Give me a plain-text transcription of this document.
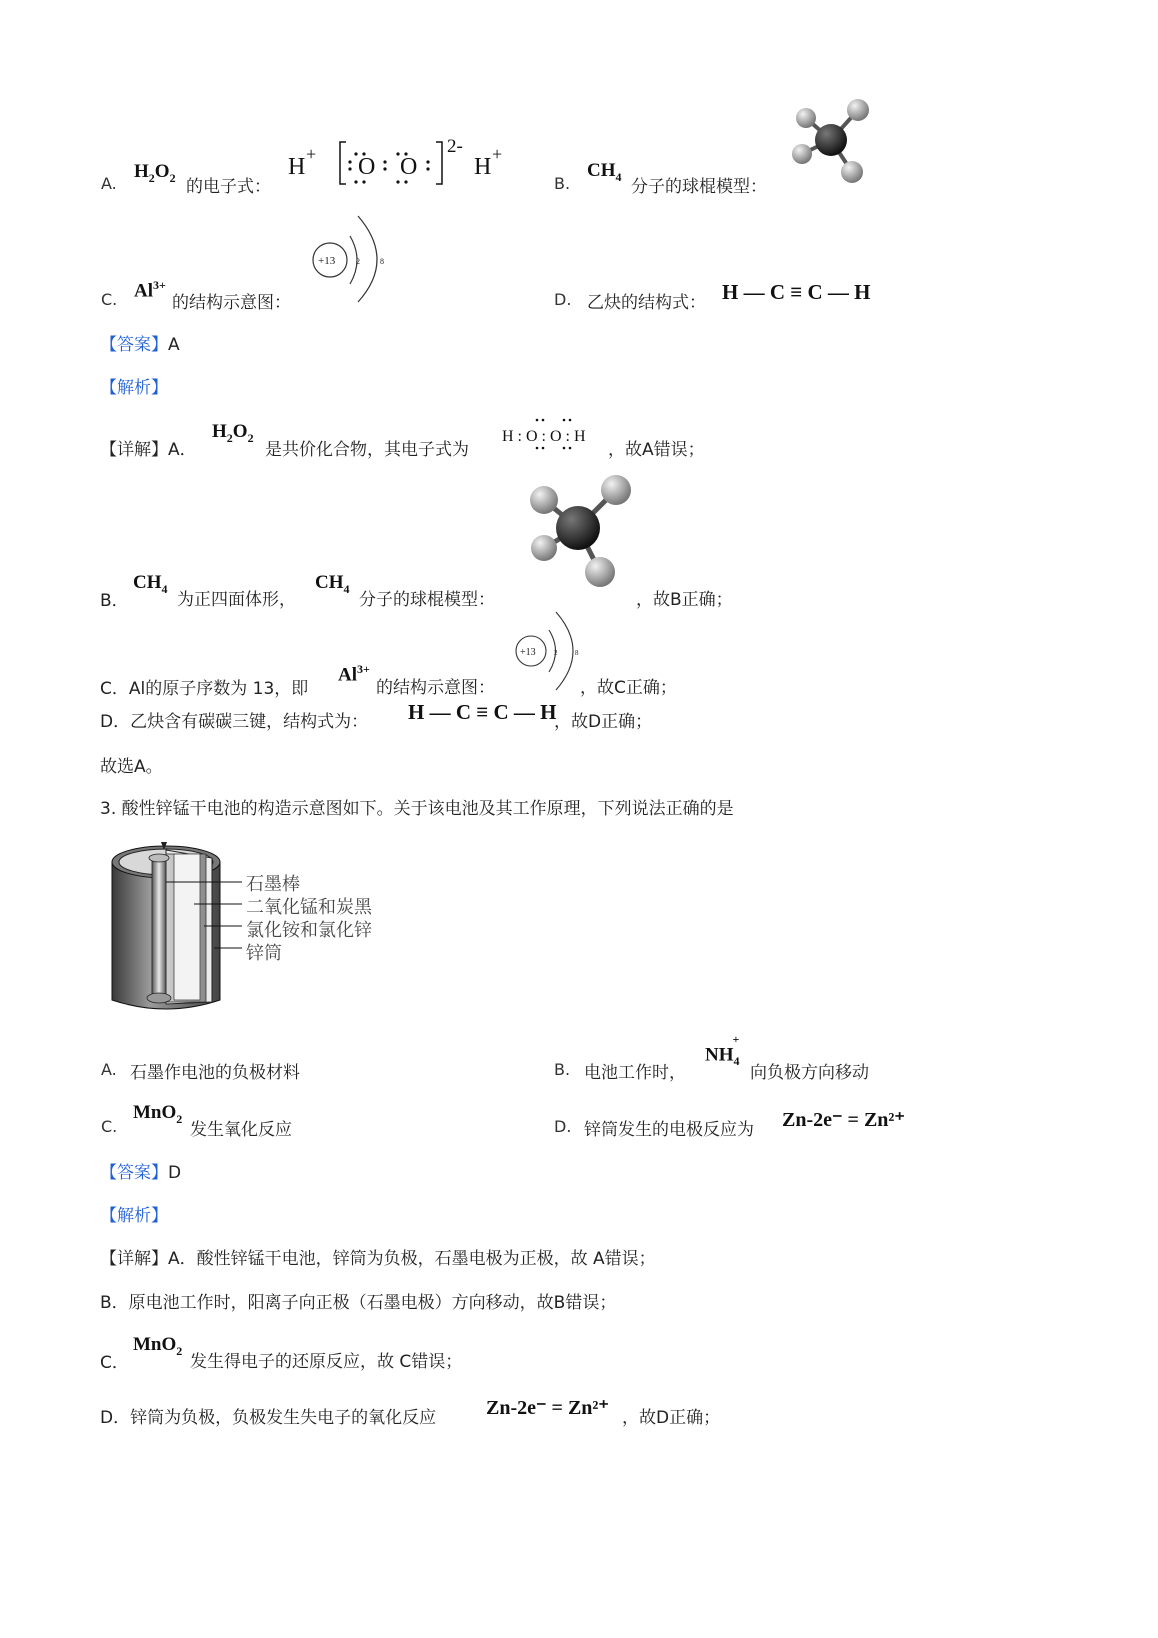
A.
$H_2O_2$ 的电子式：
H + O O
2-
H +
B.
$CH_4$
分子的球棍模型：
C. $Al^{3+}$
的结构示意图：
+13	2	8
D. 乙炔的结构式： H — C ≡ C — H
【答案】A
【解析】
【详解】A．
$H_2O_2$
是共价化合物，其电子式为
H : O : O : H
，故A错误；
B．
$CH_4$
为正四面体形，
$CH_4$
分子的球棍模型：	，故B正确；
C．Al的原子序数为 13，即
$Al^{3+}$
的结构示意图：
+13	2	8
，故C正确；
D．乙炔含有碳碳三键，结构式为： H — C ≡ C — H
，故D正确；
故选A。
3. 酸性锌锰干电池的构造示意图如下。关于该电池及其工作原理，下列说法正确的是
石墨棒
二氧化锰和炭黑
氯化铵和氯化锌
锌筒
A. 石墨作电池的负极材料	B. 电池工作时，
$NH_4^+$
向负极方向移动
C.
MnO$_2$
发生氧化反应	D. 锌筒发生的电极反应为 Zn-2e⁻ = Zn²⁺
【答案】D
【解析】
【详解】A．酸性锌锰干电池，锌筒为负极，石墨电极为正极，故 A错误；
B．原电池工作时，阳离子向正极（石墨电极）方向移动，故B错误；
C．
MnO$_2$
发生得电子的还原反应，故 C错误；
D．锌筒为负极，负极发生失电子的氧化反应 Zn-2e⁻ = Zn²⁺ ，故D正确；
